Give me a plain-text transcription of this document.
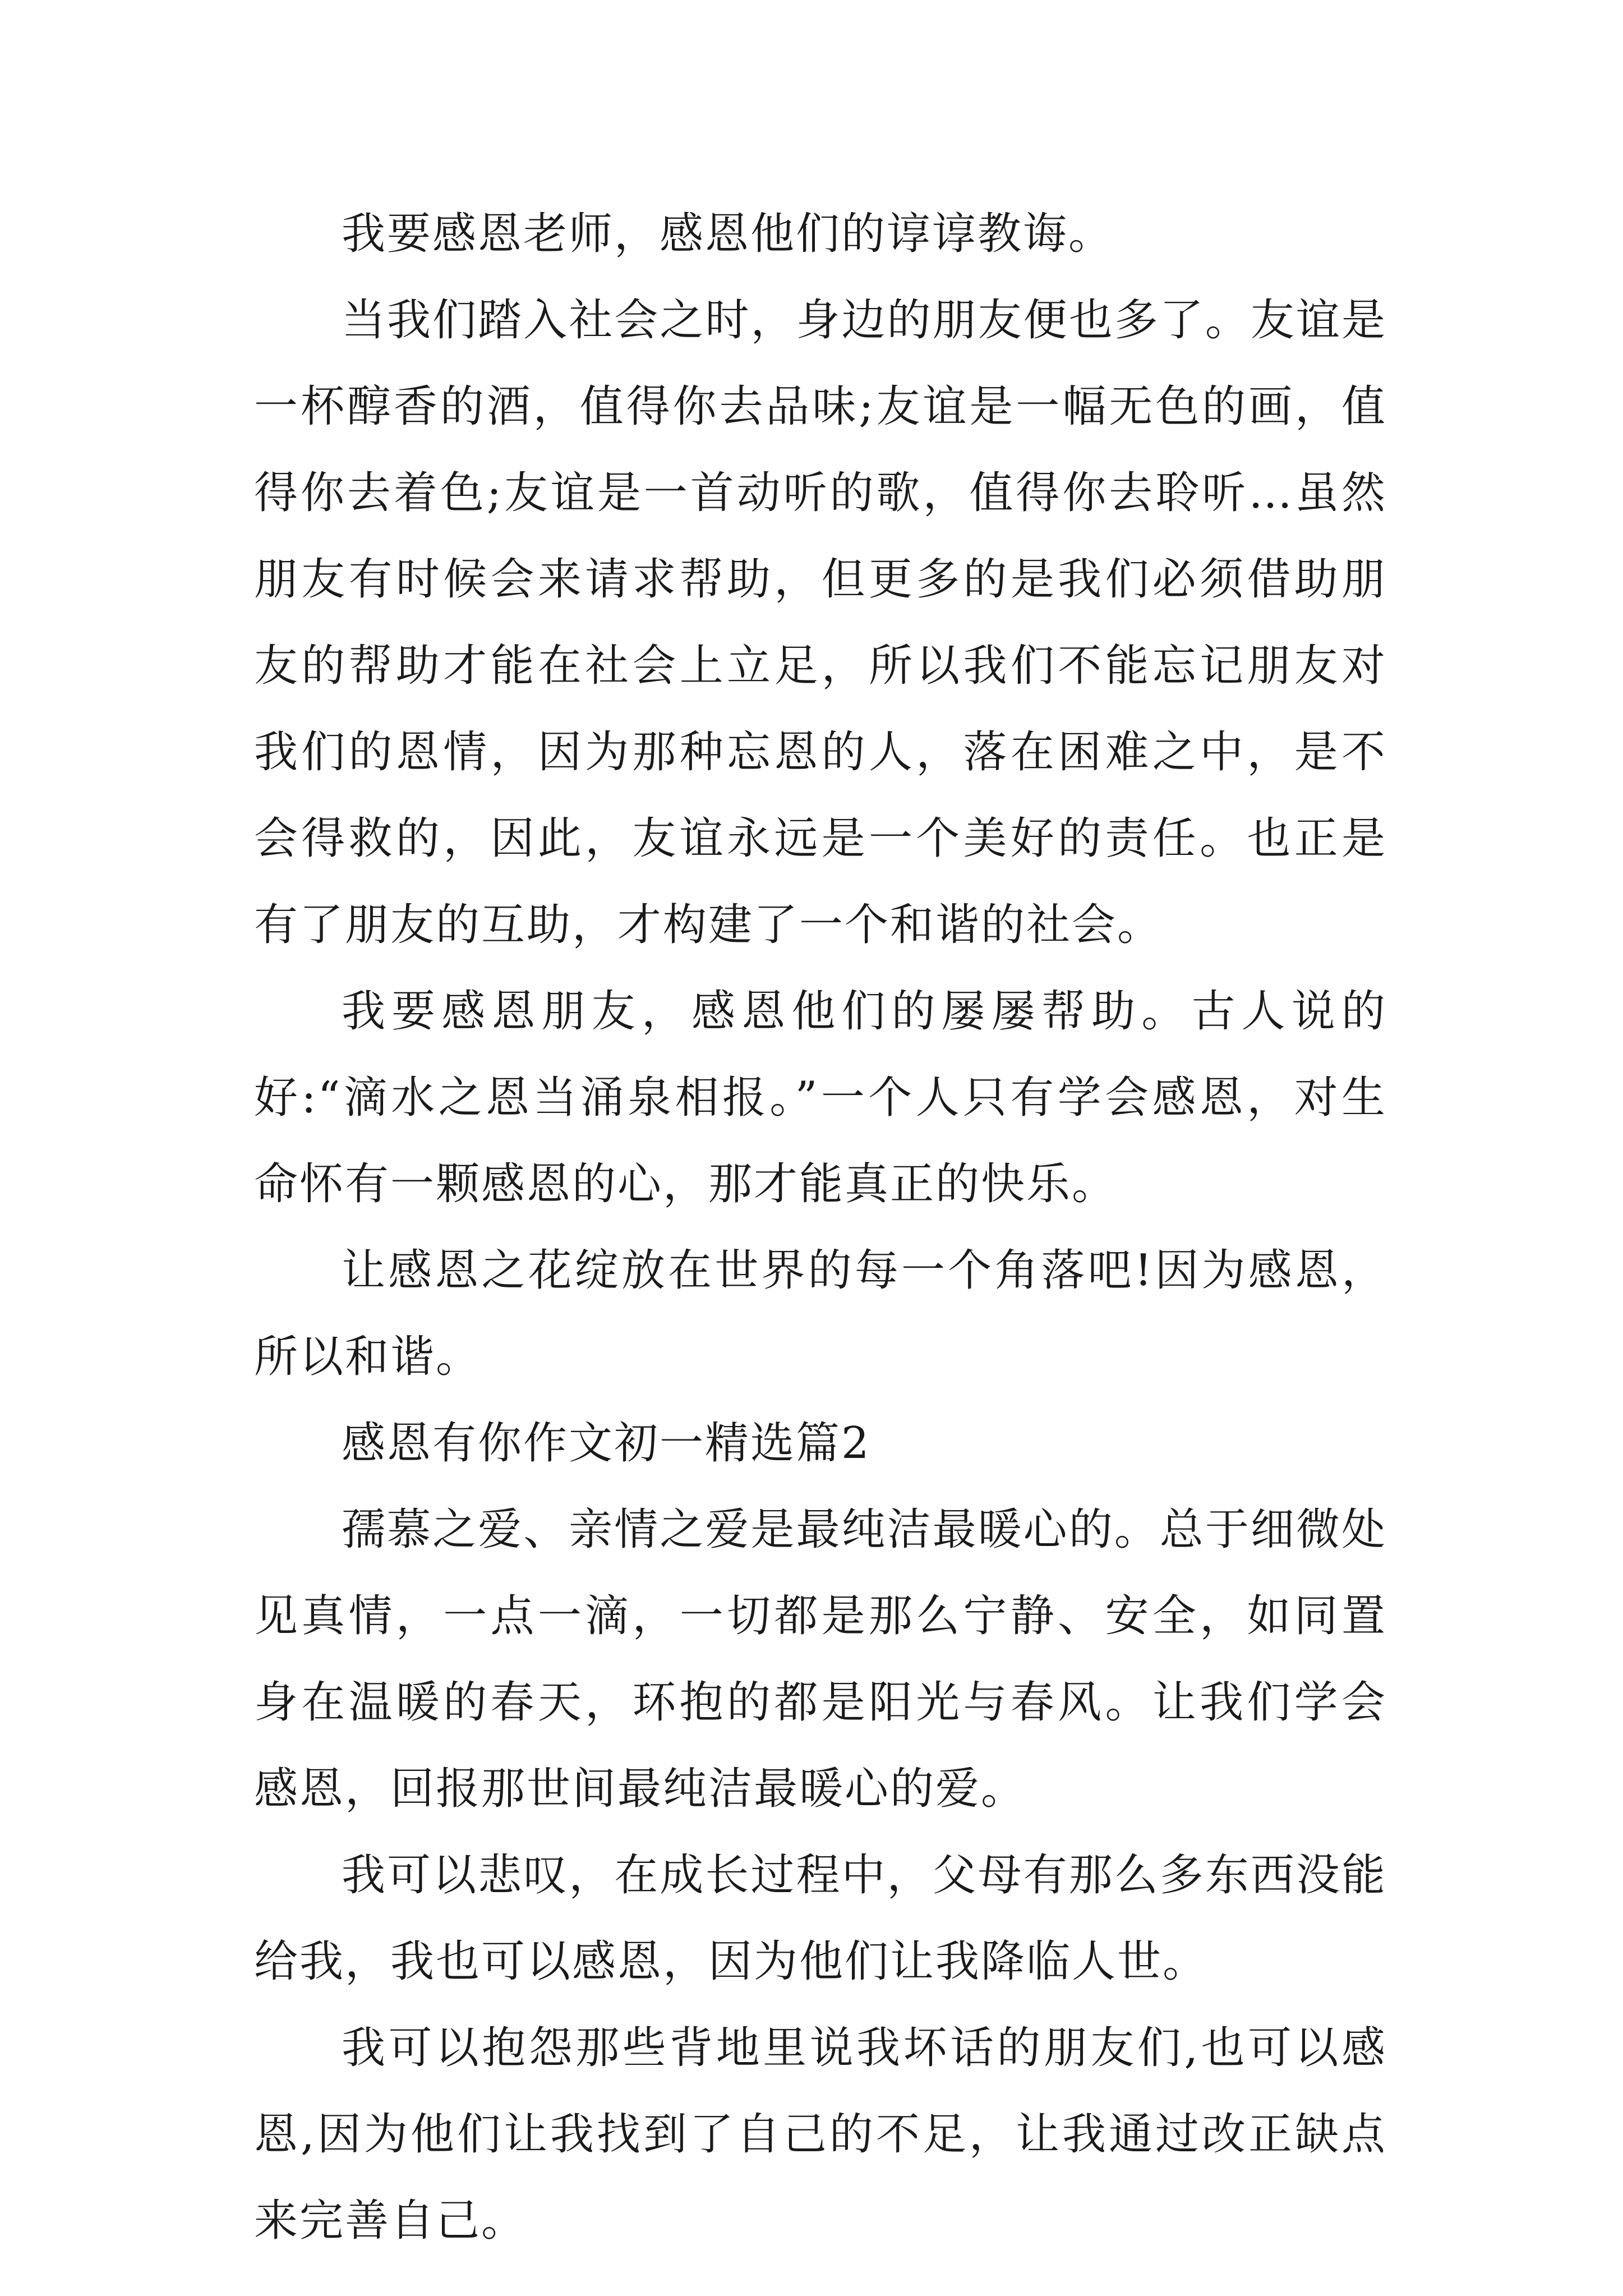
我要感恩老师，感恩他们的谆谆教诲。

当我们踏入社会之时，身边的朋友便也多了。友谊是一杯醇香的酒，值得你去品味;友谊是一幅无色的画，值得你去着色;友谊是一首动听的歌，值得你去聆听…虽然朋友有时候会来请求帮助，但更多的是我们必须借助朋友的帮助才能在社会上立足，所以我们不能忘记朋友对我们的恩情，因为那种忘恩的人，落在困难之中，是不会得救的，因此，友谊永远是一个美好的责任。也正是有了朋友的互助，才构建了一个和谐的社会。

我要感恩朋友，感恩他们的屡屡帮助。古人说的好:“滴水之恩当涌泉相报。”一个人只有学会感恩，对生命怀有一颗感恩的心，那才能真正的快乐。

让感恩之花绽放在世界的每一个角落吧!因为感恩，所以和谐。

感恩有你作文初一精选篇2

孺慕之爱、亲情之爱是最纯洁最暖心的。总于细微处见真情，一点一滴，一切都是那么宁静、安全，如同置身在温暖的春天，环抱的都是阳光与春风。让我们学会感恩，回报那世间最纯洁最暖心的爱。

我可以悲叹，在成长过程中，父母有那么多东西没能给我，我也可以感恩，因为他们让我降临人世。

我可以抱怨那些背地里说我坏话的朋友们,也可以感恩,因为他们让我找到了自己的不足，让我通过改正缺点来完善自己。
